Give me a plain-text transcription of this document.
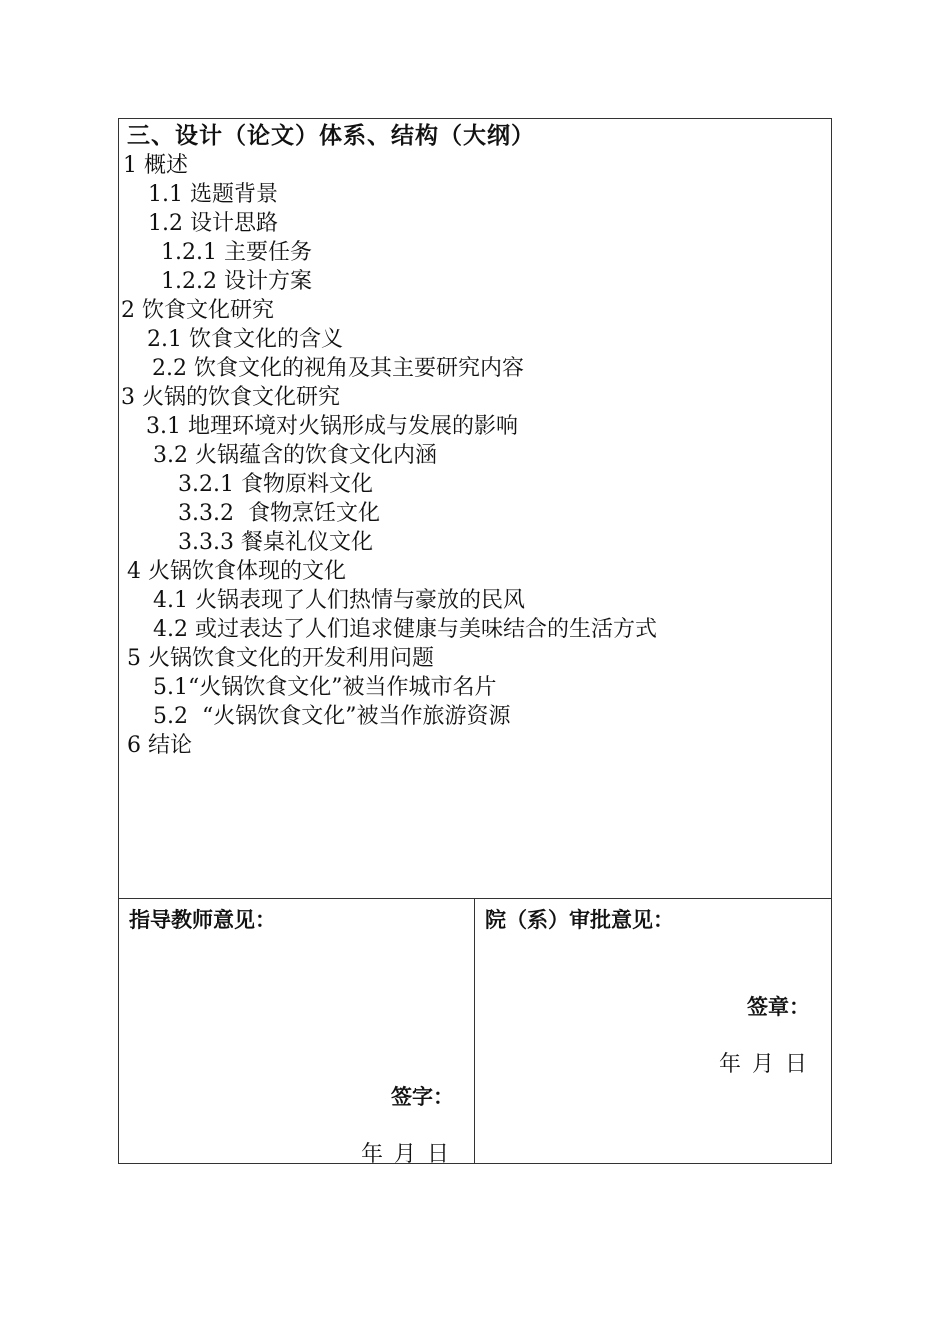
三、设计（论文）体系、结构（大纲）
1 概述
1.1 选题背景
1.2 设计思路
1.2.1 主要任务
1.2.2 设计方案
2 饮食文化研究
2.1 饮食文化的含义
2.2 饮食文化的视角及其主要研究内容
3 火锅的饮食文化研究
3.1 地理环境对火锅形成与发展的影响
3.2 火锅蕴含的饮食文化内涵
3.2.1 食物原料文化
3.3.2  食物烹饪文化
3.3.3 餐桌礼仪文化
4 火锅饮食体现的文化
4.1 火锅表现了人们热情与豪放的民风
4.2 或过表达了人们追求健康与美味结合的生活方式
5 火锅饮食文化的开发利用问题
5.1“火锅饮食文化”被当作城市名片
5.2  “火锅饮食文化”被当作旅游资源
6 结论
指导教师意见：
签字：
年 月 日
院（系）审批意见：
签章：
年 月 日
